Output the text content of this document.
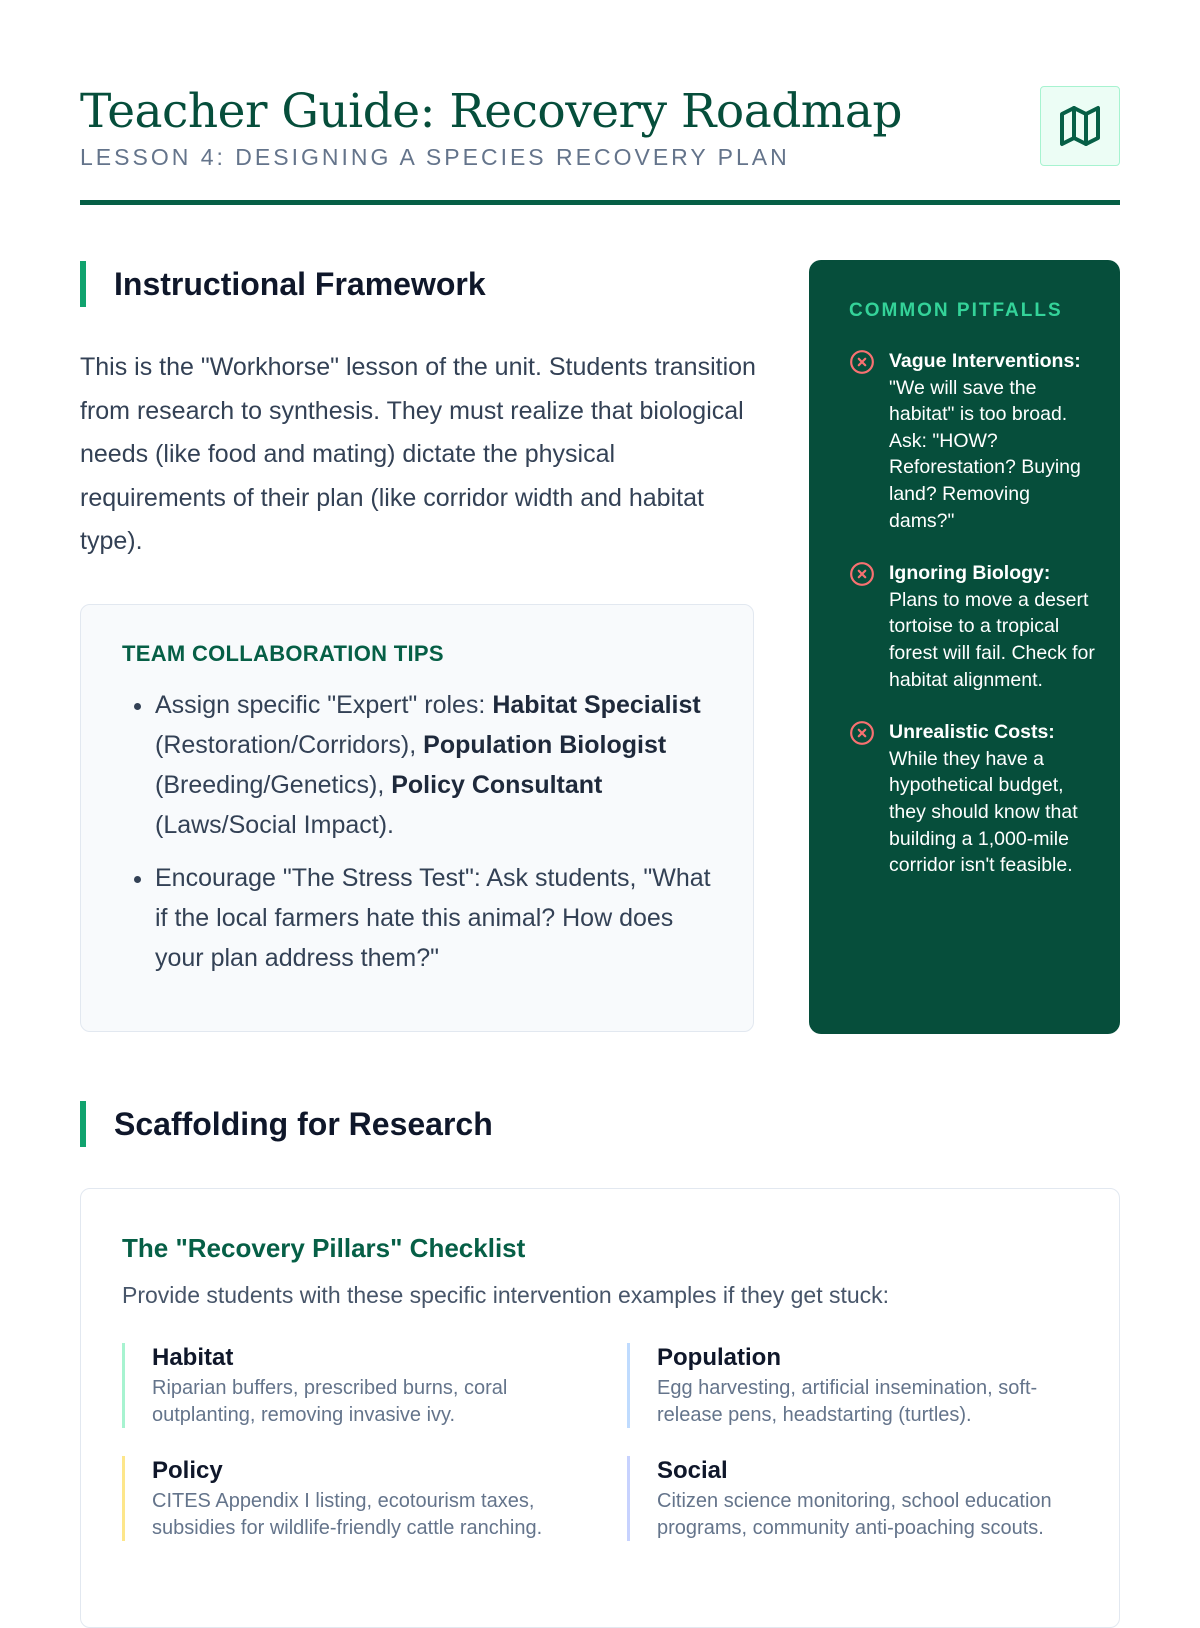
Teacher Guide: Recovery Roadmap
LESSON 4: DESIGNING A SPECIES RECOVERY PLAN
Instructional Framework

This is the "Workhorse" lesson of the unit. Students transition from research to synthesis. They must realize that biological needs (like food and mating) dictate the physical requirements of their plan (like corridor width and habitat type).

TEAM COLLABORATION TIPS
• Assign specific "Expert" roles: Habitat Specialist (Restoration/Corridors), Population Biologist (Breeding/Genetics), Policy Consultant (Laws/Social Impact).
• Encourage "The Stress Test": Ask students, "What if the local farmers hate this animal? How does your plan address them?"
COMMON PITFALLS
Vague Interventions: "We will save the habitat" is too broad. Ask: "HOW? Reforestation? Buying land? Removing dams?"
Ignoring Biology: Plans to move a desert tortoise to a tropical forest will fail. Check for habitat alignment.
Unrealistic Costs: While they have a hypothetical budget, they should know that building a 1,000-mile corridor isn't feasible.
Scaffolding for Research
The "Recovery Pillars" Checklist

Provide students with these specific intervention examples if they get stuck:

Habitat
Riparian buffers, prescribed burns, coral outplanting, removing invasive ivy.
Population
Egg harvesting, artificial insemination, soft-release pens, headstarting (turtles).
Policy
CITES Appendix I listing, ecotourism taxes, subsidies for wildlife-friendly cattle ranching.
Social
Citizen science monitoring, school education programs, community anti-poaching scouts.
